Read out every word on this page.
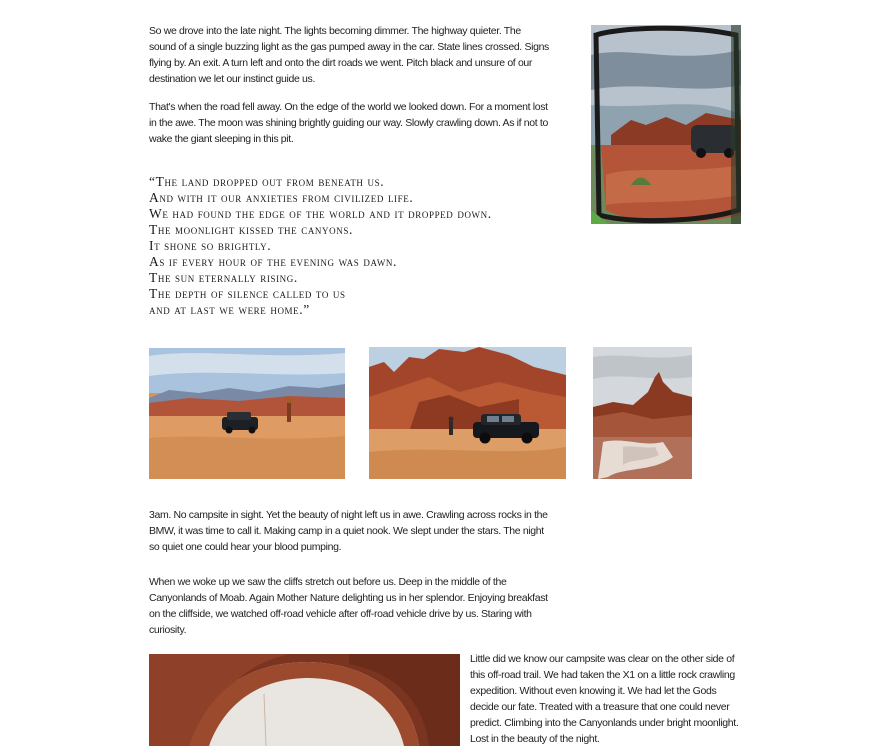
So we drove into the late night. The lights becoming dimmer. The highway quieter. The sound of a single buzzing light as the gas pumped away in the car. State lines crossed. Signs flying by. An exit. A turn left and onto the dirt roads we went. Pitch black and unsure of our destination we let our instinct guide us.

That's when the road fell away. On the edge of the world we looked down. For a moment lost in the awe. The moon was shining brightly guiding our way. Slowly crawling down. As if not to wake the giant sleeping in this pit.

“The land dropped out from beneath us.
And with it our anxieties from civilized life.
We had found the edge of the world and it dropped down.
The moonlight kissed the canyons.
It shone so brightly.
As if every hour of the evening was dawn.
The sun eternally rising.
The depth of silence called to us
and at last we were home.”

3am. No campsite in sight. Yet the beauty of night left us in awe. Crawling across rocks in the BMW, it was time to call it. Making camp in a quiet nook. We slept under the stars. The night so quiet one could hear your blood pumping.

When we woke up we saw the cliffs stretch out before us. Deep in the middle of the Canyonlands of Moab. Again Mother Nature delighting us in her splendor. Enjoying breakfast on the cliffside, we watched off-road vehicle after off-road vehicle drive by us. Staring with curiosity.

Little did we know our campsite was clear on the other side of this off-road trail. We had taken the X1 on a little rock crawling expedition. Without even knowing it. We had let the Gods decide our fate. Treated with a treasure that one could never predict. Climbing into the Canyonlands under bright moonlight. Lost in the beauty of the night.
